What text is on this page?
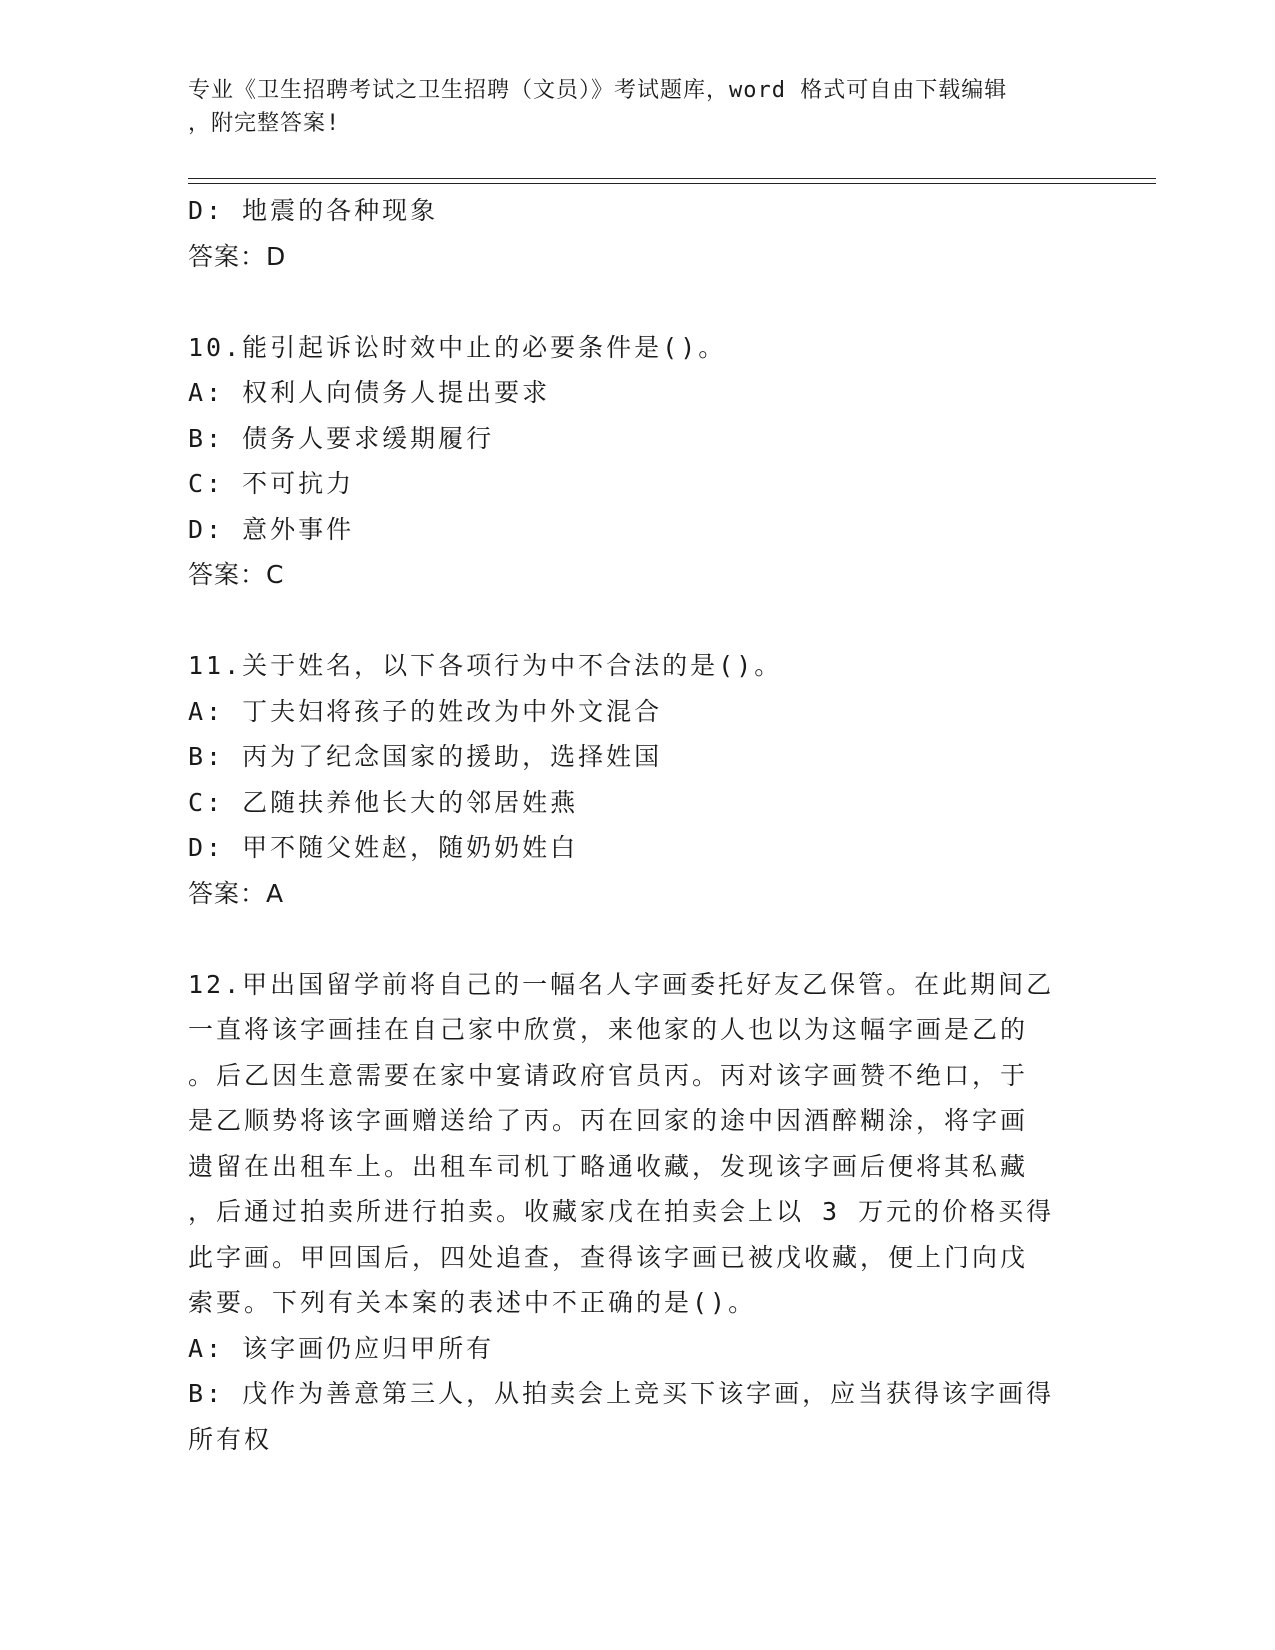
专业《卫生招聘考试之卫生招聘（文员）》考试题库，word 格式可自由下载编辑
，附完整答案!
D: 地震的各种现象
答案：D
10.能引起诉讼时效中止的必要条件是()。
A: 权利人向债务人提出要求
B: 债务人要求缓期履行
C: 不可抗力
D: 意外事件
答案：C
11.关于姓名，以下各项行为中不合法的是()。
A: 丁夫妇将孩子的姓改为中外文混合
B: 丙为了纪念国家的援助，选择姓国
C: 乙随扶养他长大的邻居姓燕
D: 甲不随父姓赵，随奶奶姓白
答案：A
12.甲出国留学前将自己的一幅名人字画委托好友乙保管。在此期间乙
一直将该字画挂在自己家中欣赏，来他家的人也以为这幅字画是乙的
。后乙因生意需要在家中宴请政府官员丙。丙对该字画赞不绝口，于
是乙顺势将该字画赠送给了丙。丙在回家的途中因酒醉糊涂，将字画
遗留在出租车上。出租车司机丁略通收藏，发现该字画后便将其私藏
，后通过拍卖所进行拍卖。收藏家戊在拍卖会上以 3 万元的价格买得
此字画。甲回国后，四处追查，查得该字画已被戊收藏，便上门向戊
索要。下列有关本案的表述中不正确的是()。
A: 该字画仍应归甲所有
B: 戊作为善意第三人，从拍卖会上竞买下该字画，应当获得该字画得
所有权
